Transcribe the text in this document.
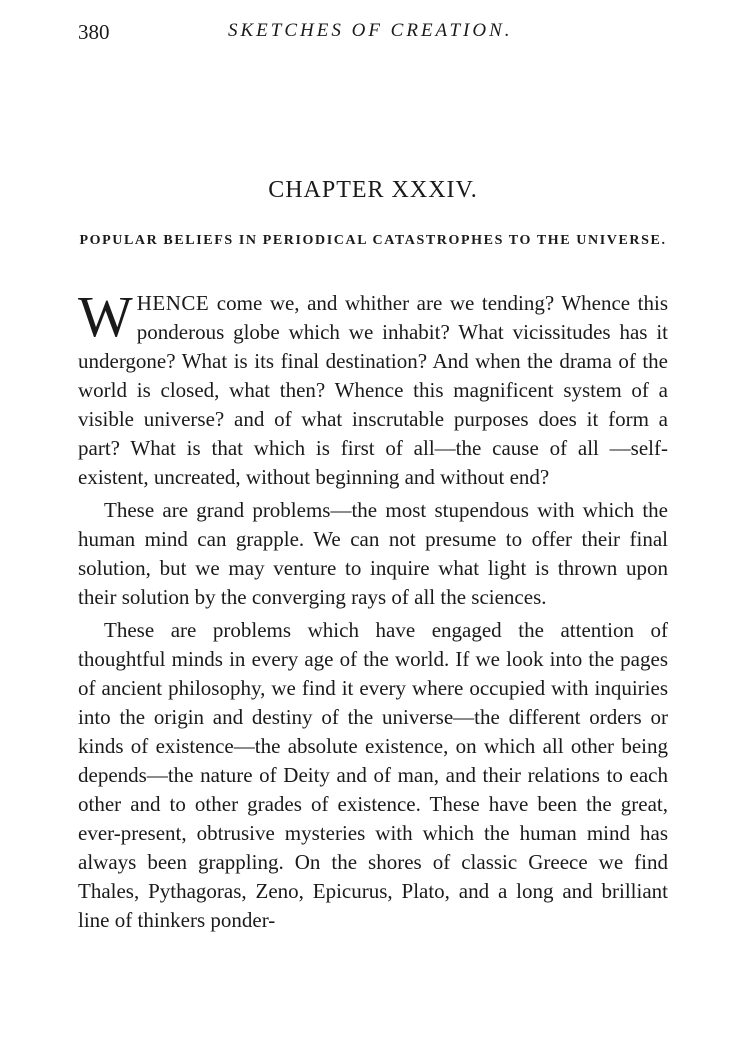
380	SKETCHES OF CREATION.
CHAPTER XXXIV.
POPULAR BELIEFS IN PERIODICAL CATASTROPHES TO THE UNIVERSE.

WHENCE come we, and whither are we tending? Whence this ponderous globe which we inhabit? What vicissitudes has it undergone? What is its final destination? And when the drama of the world is closed, what then? Whence this magnificent system of a visible universe? and of what inscrutable purposes does it form a part? What is that which is first of all—the cause of all —self-existent, uncreated, without beginning and without end?

These are grand problems—the most stupendous with which the human mind can grapple. We can not presume to offer their final solution, but we may venture to inquire what light is thrown upon their solution by the converging rays of all the sciences.

These are problems which have engaged the attention of thoughtful minds in every age of the world. If we look into the pages of ancient philosophy, we find it every where occupied with inquiries into the origin and destiny of the universe—the different orders or kinds of existence—the absolute existence, on which all other being depends—the nature of Deity and of man, and their relations to each other and to other grades of existence. These have been the great, ever-present, obtrusive mysteries with which the human mind has always been grappling. On the shores of classic Greece we find Thales, Pythagoras, Zeno, Epicurus, Plato, and a long and brilliant line of thinkers ponder-
